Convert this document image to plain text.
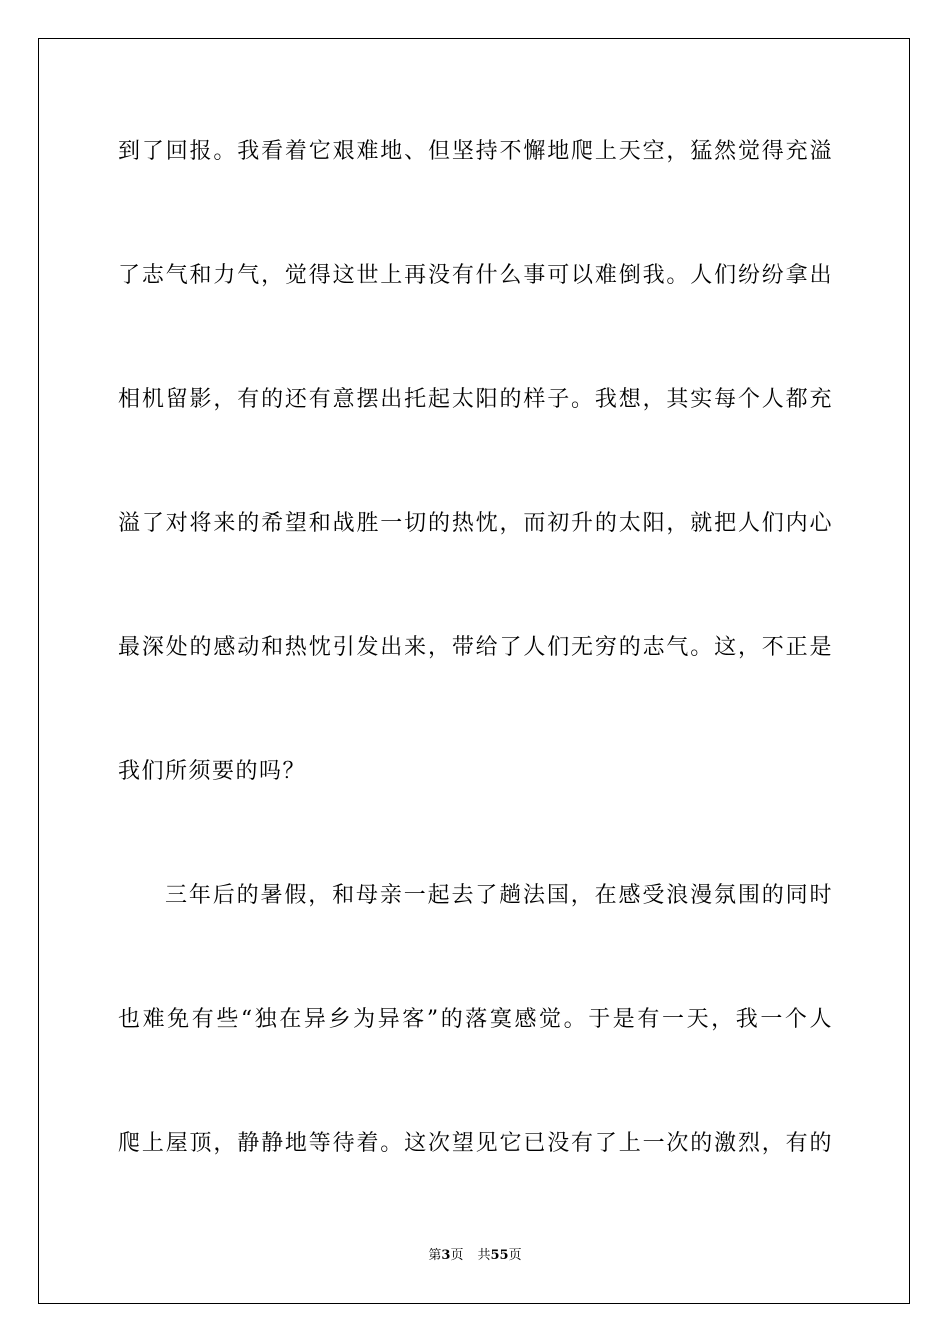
到了回报。我看着它艰难地、但坚持不懈地爬上天空，猛然觉得充溢
了志气和力气，觉得这世上再没有什么事可以难倒我。人们纷纷拿出
相机留影，有的还有意摆出托起太阳的样子。我想，其实每个人都充
溢了对将来的希望和战胜一切的热忱，而初升的太阳，就把人们内心
最深处的感动和热忱引发出来，带给了人们无穷的志气。这，不正是
我们所须要的吗？
三年后的暑假，和母亲一起去了趟法国，在感受浪漫氛围的同时
也难免有些“独在异乡为异客”的落寞感觉。于是有一天，我一个人
爬上屋顶，静静地等待着。这次望见它已没有了上一次的激烈，有的
第3页 共55页
